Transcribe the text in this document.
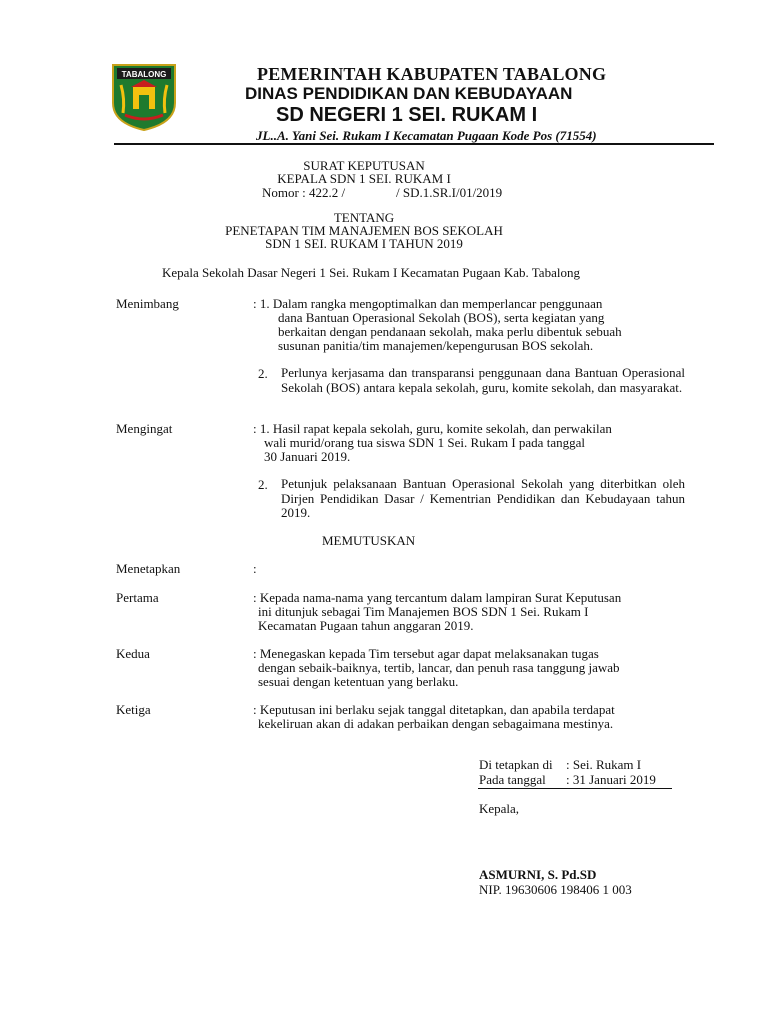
TABALONG	PEMERINTAH KABUPATEN TABALONG
DINAS PENDIDIKAN DAN KEBUDAYAAN
SD NEGERI 1 SEI. RUKAM I
JL..A. Yani Sei. Rukam I Kecamatan Pugaan Kode Pos (71554)
SURAT KEPUTUSAN
KEPALA SDN 1 SEI. RUKAM I
Nomor : 422.2 /	/ SD.1.SR.I/01/2019
TENTANG
PENETAPAN TIM MANAJEMEN BOS SEKOLAH
SDN 1 SEI. RUKAM I TAHUN 2019
Kepala Sekolah Dasar Negeri 1 Sei. Rukam I Kecamatan Pugaan Kab. Tabalong
Menimbang	: 1. Dalam rangka mengoptimalkan dan memperlancar penggunaan
dana Bantuan Operasional Sekolah (BOS), serta kegiatan yang
berkaitan dengan pendanaan sekolah, maka perlu dibentuk sebuah
susunan panitia/tim manajemen/kepengurusan BOS sekolah.
2. Perlunya kerjasama dan transparansi penggunaan dana Bantuan Operasional Sekolah (BOS) antara kepala sekolah, guru, komite sekolah, dan masyarakat.
Mengingat	: 1. Hasil rapat kepala sekolah, guru, komite sekolah, dan perwakilan
wali murid/orang tua siswa SDN 1 Sei. Rukam I pada tanggal
30 Januari 2019.
2. Petunjuk pelaksanaan Bantuan Operasional Sekolah yang diterbitkan oleh Dirjen Pendidikan Dasar / Kementrian Pendidikan dan Kebudayaan tahun 2019.
MEMUTUSKAN
Menetapkan	:
Pertama	: Kepada nama-nama yang tercantum dalam lampiran Surat Keputusan
ini ditunjuk sebagai Tim Manajemen BOS SDN 1 Sei. Rukam I
Kecamatan Pugaan tahun anggaran 2019.
Kedua	: Menegaskan kepada Tim tersebut agar dapat melaksanakan tugas
dengan sebaik-baiknya, tertib, lancar, dan penuh rasa tanggung jawab
sesuai dengan ketentuan yang berlaku.
Ketiga	: Keputusan ini berlaku sejak tanggal ditetapkan, dan apabila terdapat
kekeliruan akan di adakan perbaikan dengan sebagaimana mestinya.
Di tetapkan di : Sei. Rukam I
Pada tanggal : 31 Januari 2019
Kepala,
ASMURNI, S. Pd.SD
NIP. 19630606 198406 1 003
